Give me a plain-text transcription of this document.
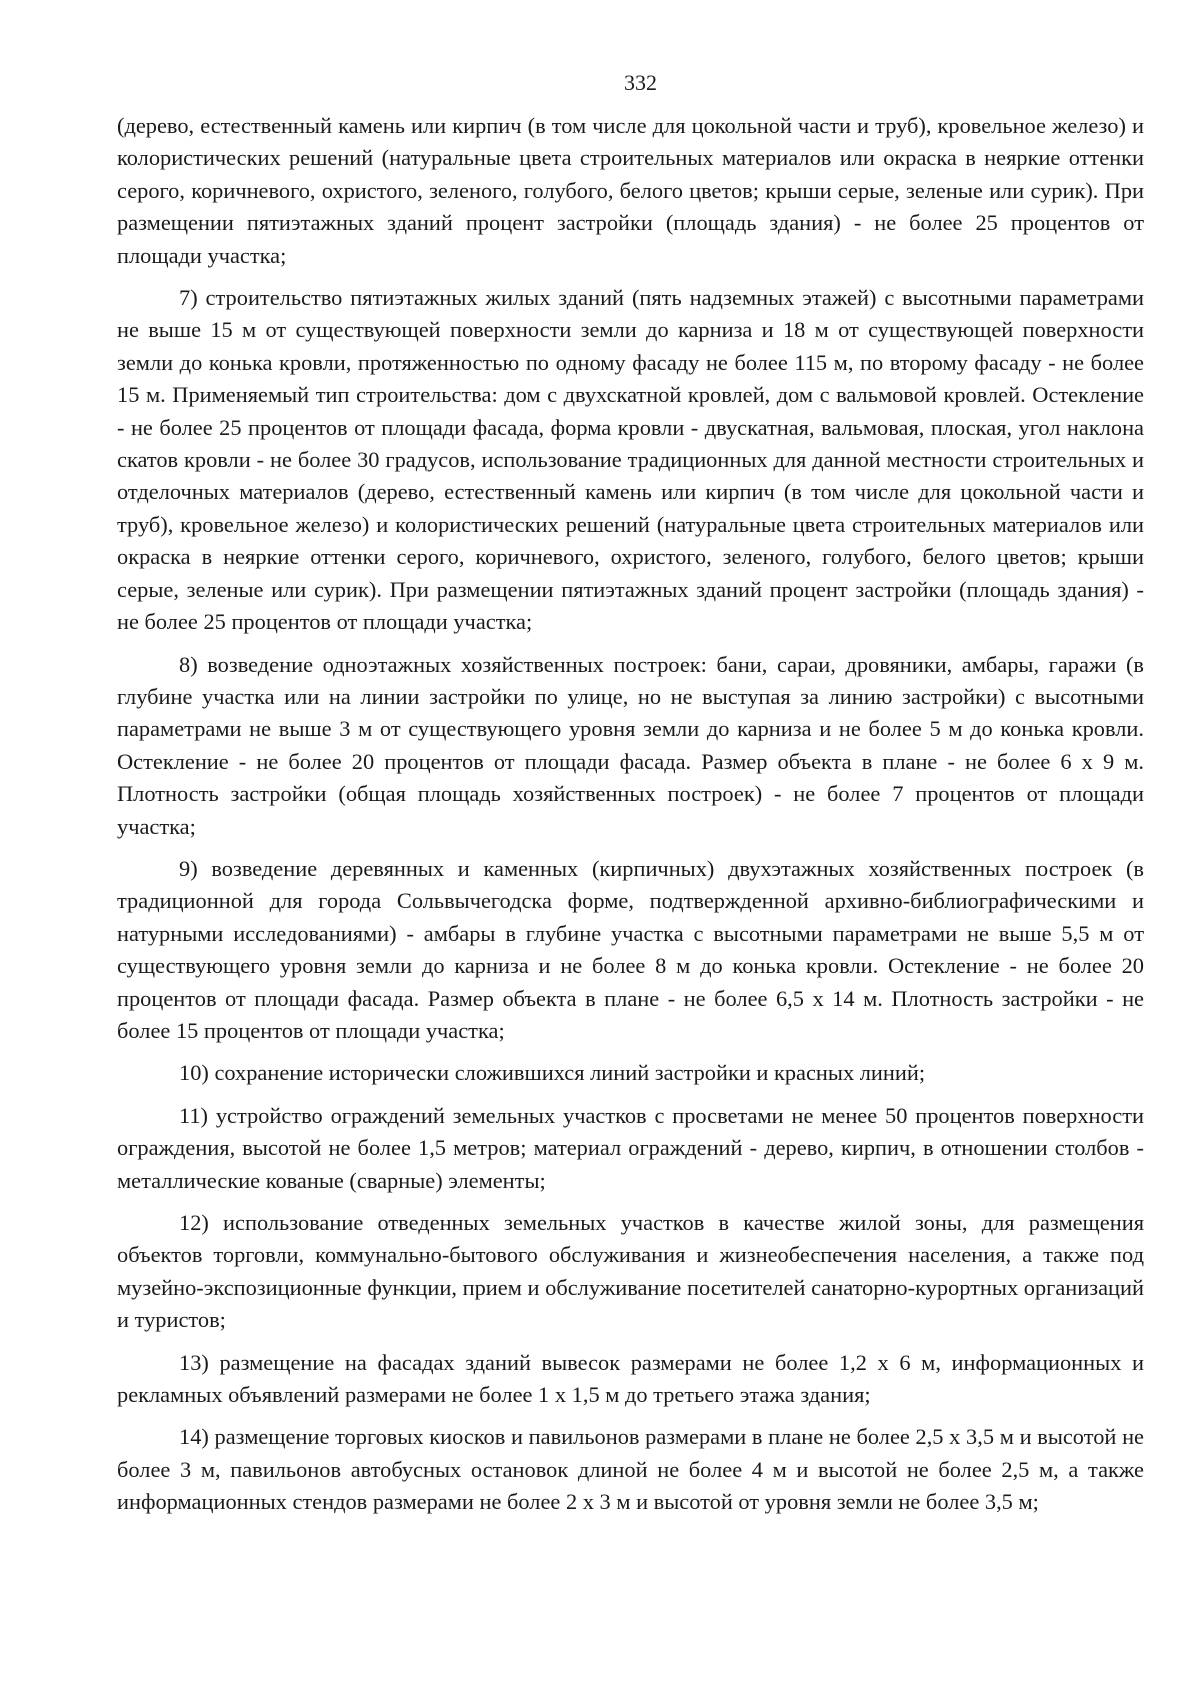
332

(дерево, естественный камень или кирпич (в том числе для цокольной части и труб), кровельное железо) и колористических решений (натуральные цвета строительных материалов или окраска в неяркие оттенки серого, коричневого, охристого, зеленого, голубого, белого цветов; крыши серые, зеленые или сурик). При размещении пятиэтажных зданий процент застройки (площадь здания) - не более 25 процентов от площади участка;

7) строительство пятиэтажных жилых зданий (пять надземных этажей) с высотными параметрами не выше 15 м от существующей поверхности земли до карниза и 18 м от существующей поверхности земли до конька кровли, протяженностью по одному фасаду не более 115 м, по второму фасаду - не более 15 м. Применяемый тип строительства: дом с двухскатной кровлей, дом с вальмовой кровлей. Остекление - не более 25 процентов от площади фасада, форма кровли - двускатная, вальмовая, плоская, угол наклона скатов кровли - не более 30 градусов, использование традиционных для данной местности строительных и отделочных материалов (дерево, естественный камень или кирпич (в том числе для цокольной части и труб), кровельное железо) и колористических решений (натуральные цвета строительных материалов или окраска в неяркие оттенки серого, коричневого, охристого, зеленого, голубого, белого цветов; крыши серые, зеленые или сурик). При размещении пятиэтажных зданий процент застройки (площадь здания) - не более 25 процентов от площади участка;

8) возведение одноэтажных хозяйственных построек: бани, сараи, дровяники, амбары, гаражи (в глубине участка или на линии застройки по улице, но не выступая за линию застройки) с высотными параметрами не выше 3 м от существующего уровня земли до карниза и не более 5 м до конька кровли. Остекление - не более 20 процентов от площади фасада. Размер объекта в плане - не более 6 х 9 м. Плотность застройки (общая площадь хозяйственных построек) - не более 7 процентов от площади участка;

9) возведение деревянных и каменных (кирпичных) двухэтажных хозяйственных построек (в традиционной для города Сольвычегодска форме, подтвержденной архивно-библиографическими и натурными исследованиями) - амбары в глубине участка с высотными параметрами не выше 5,5 м от существующего уровня земли до карниза и не более 8 м до конька кровли. Остекление - не более 20 процентов от площади фасада. Размер объекта в плане - не более 6,5 х 14 м. Плотность застройки - не более 15 процентов от площади участка;

10) сохранение исторически сложившихся линий застройки и красных линий;

11) устройство ограждений земельных участков с просветами не менее 50 процентов поверхности ограждения, высотой не более 1,5 метров; материал ограждений - дерево, кирпич, в отношении столбов - металлические кованые (сварные) элементы;

12) использование отведенных земельных участков в качестве жилой зоны, для размещения объектов торговли, коммунально-бытового обслуживания и жизнеобеспечения населения, а также под музейно-экспозиционные функции, прием и обслуживание посетителей санаторно-курортных организаций и туристов;

13) размещение на фасадах зданий вывесок размерами не более 1,2 х 6 м, информационных и рекламных объявлений размерами не более 1 х 1,5 м до третьего этажа здания;

14) размещение торговых киосков и павильонов размерами в плане не более 2,5 х 3,5 м и высотой не более 3 м, павильонов автобусных остановок длиной не более 4 м и высотой не более 2,5 м, а также информационных стендов размерами не более 2 х 3 м и высотой от уровня земли не более 3,5 м;
